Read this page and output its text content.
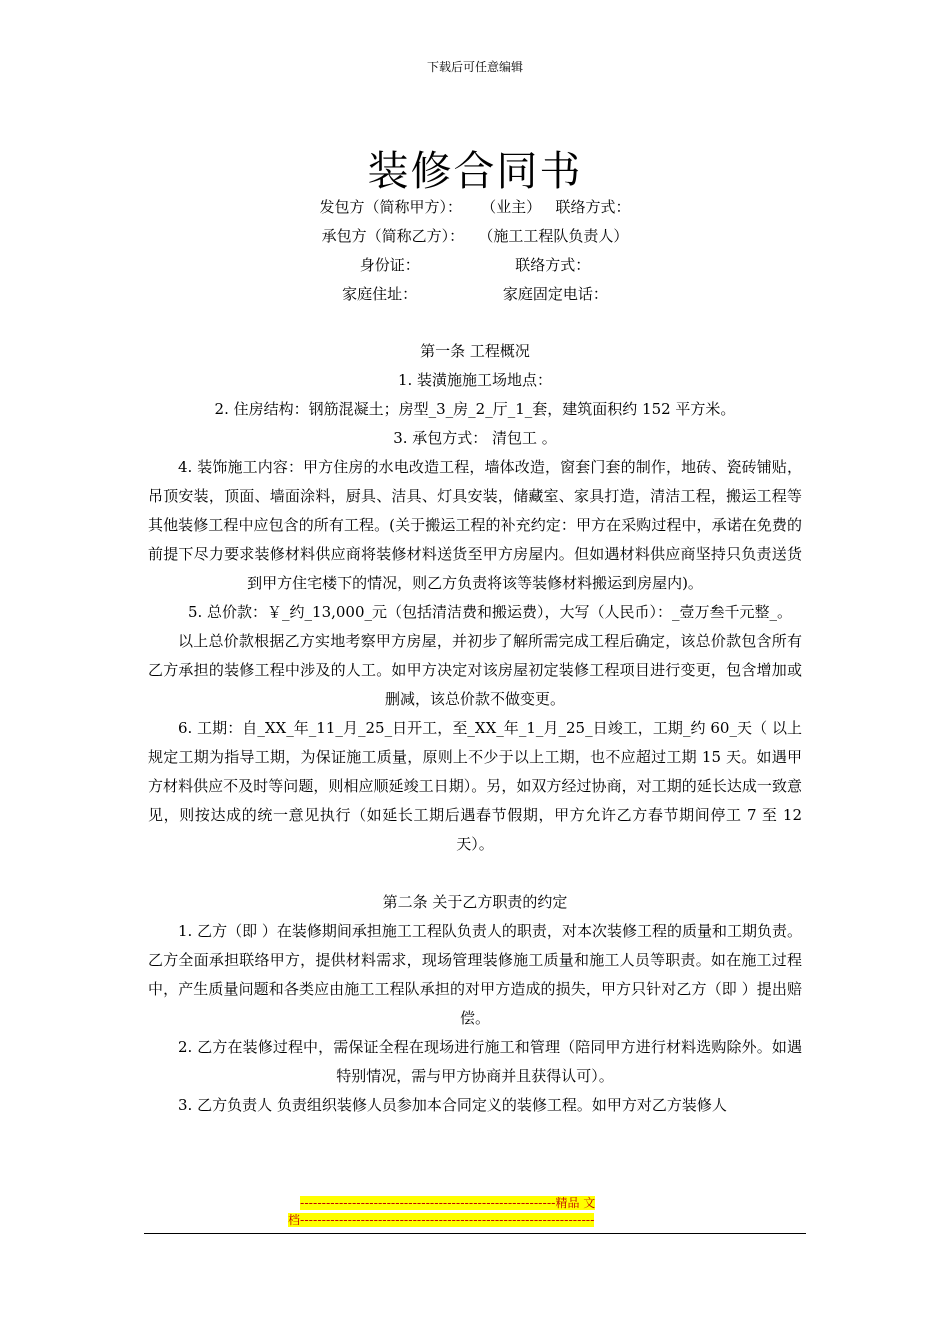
下载后可任意编辑
装修合同书
发包方（简称甲方）：
（业主）
联络方式：
承包方（简称乙方）：
（施工工程队负责人）
身份证：
	联络方式：
家庭住址：
	家庭固定电话：

第一条 工程概况

1. 装潢施施工场地点：

2. 住房结构：钢筋混凝土；房型_3_房_2_厅_1_套，建筑面积约 152 平方米。

3. 承包方式： 清包工 。

4. 装饰施工内容：甲方住房的水电改造工程，墙体改造，窗套门套的制作，地砖、瓷砖铺贴，吊顶安装，顶面、墙面涂料，厨具、洁具、灯具安装，储藏室、家具打造，清洁工程，搬运工程等其他装修工程中应包含的所有工程。(关于搬运工程的补充约定：甲方在采购过程中，承诺在免费的前提下尽力要求装修材料供应商将装修材料送货至甲方房屋内。但如遇材料供应商坚持只负责送货到甲方住宅楼下的情况，则乙方负责将该等装修材料搬运到房屋内)。

5. 总价款：￥_约_13,000_元（包括清洁费和搬运费），大写（人民币）：_壹万叁千元整_。

以上总价款根据乙方实地考察甲方房屋，并初步了解所需完成工程后确定，该总价款包含所有乙方承担的装修工程中涉及的人工。如甲方决定对该房屋初定装修工程项目进行变更，包含增加或删减，该总价款不做变更。

6. 工期：自_XX_年_11_月_25_日开工，至_XX_年_1_月_25_日竣工，工期_约 60_天（ 以上规定工期为指导工期，为保证施工质量，原则上不少于以上工期，也不应超过工期 15 天。如遇甲方材料供应不及时等问题，则相应顺延竣工日期）。另，如双方经过协商，对工期的延长达成一致意见，则按达成的统一意见执行（如延长工期后遇春节假期，甲方允许乙方春节期间停工 7 至 12 天）。

第二条 关于乙方职责的约定

1. 乙方（即 ）在装修期间承担施工工程队负责人的职责，对本次装修工程的质量和工期负责。乙方全面承担联络甲方，提供材料需求，现场管理装修施工质量和施工人员等职责。如在施工过程中，产生质量问题和各类应由施工工程队承担的对甲方造成的损失，甲方只针对乙方（即 ）提出赔偿。

2. 乙方在装修过程中，需保证全程在现场进行施工和管理（陪同甲方进行材料选购除外。如遇特别情况，需与甲方协商并且获得认可）。

3. 乙方负责人 负责组织装修人员参加本合同定义的装修工程。如甲方对乙方装修人

-----------------------------------------------------------精品 文
档--------------------------------------------------------------------
